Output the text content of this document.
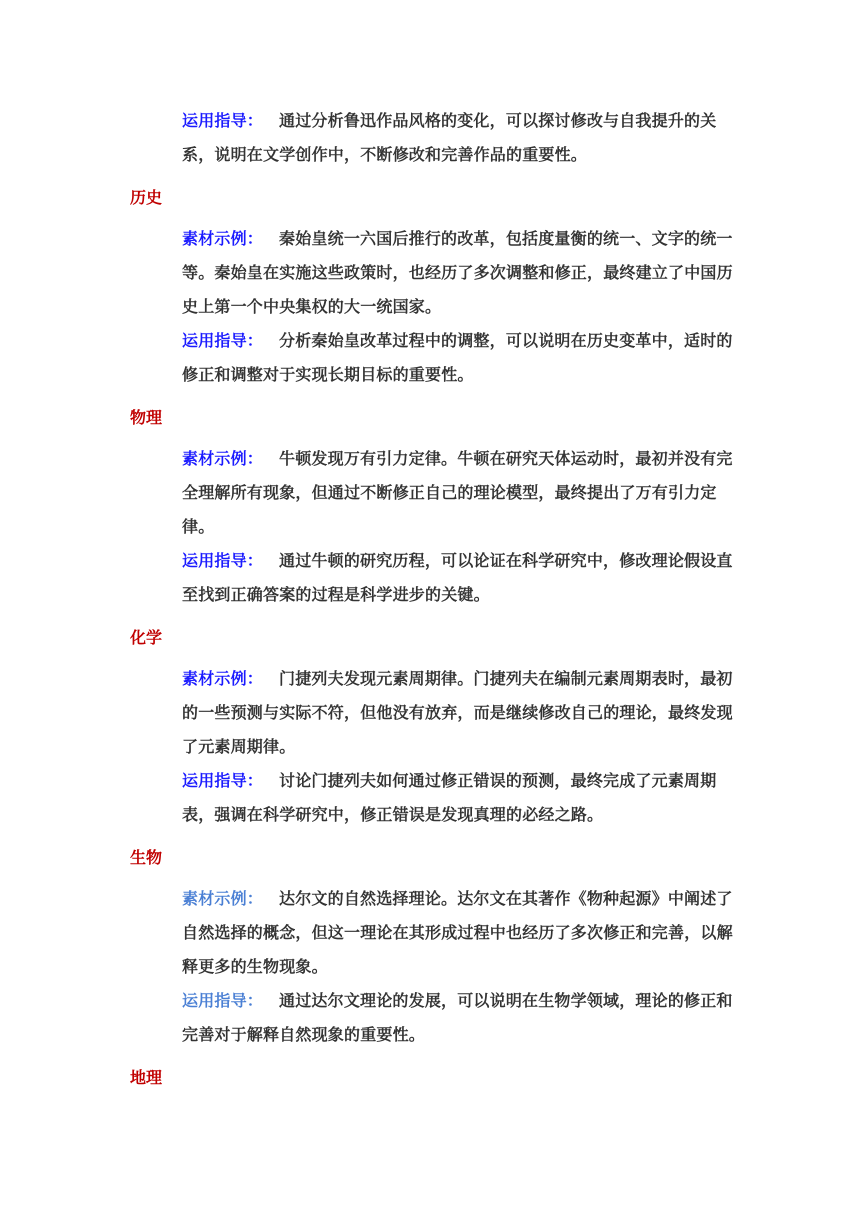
运用指导： 通过分析鲁迅作品风格的变化，可以探讨修改与自我提升的关系，说明在文学创作中，不断修改和完善作品的重要性。

历史

素材示例： 秦始皇统一六国后推行的改革，包括度量衡的统一、文字的统一等。秦始皇在实施这些政策时，也经历了多次调整和修正，最终建立了中国历史上第一个中央集权的大一统国家。

运用指导： 分析秦始皇改革过程中的调整，可以说明在历史变革中，适时的修正和调整对于实现长期目标的重要性。

物理

素材示例： 牛顿发现万有引力定律。牛顿在研究天体运动时，最初并没有完全理解所有现象，但通过不断修正自己的理论模型，最终提出了万有引力定律。

运用指导： 通过牛顿的研究历程，可以论证在科学研究中，修改理论假设直至找到正确答案的过程是科学进步的关键。

化学

素材示例： 门捷列夫发现元素周期律。门捷列夫在编制元素周期表时，最初的一些预测与实际不符，但他没有放弃，而是继续修改自己的理论，最终发现了元素周期律。

运用指导： 讨论门捷列夫如何通过修正错误的预测，最终完成了元素周期表，强调在科学研究中，修正错误是发现真理的必经之路。

生物

素材示例： 达尔文的自然选择理论。达尔文在其著作《物种起源》中阐述了自然选择的概念，但这一理论在其形成过程中也经历了多次修正和完善，以解释更多的生物现象。

运用指导： 通过达尔文理论的发展，可以说明在生物学领域，理论的修正和完善对于解释自然现象的重要性。

地理
